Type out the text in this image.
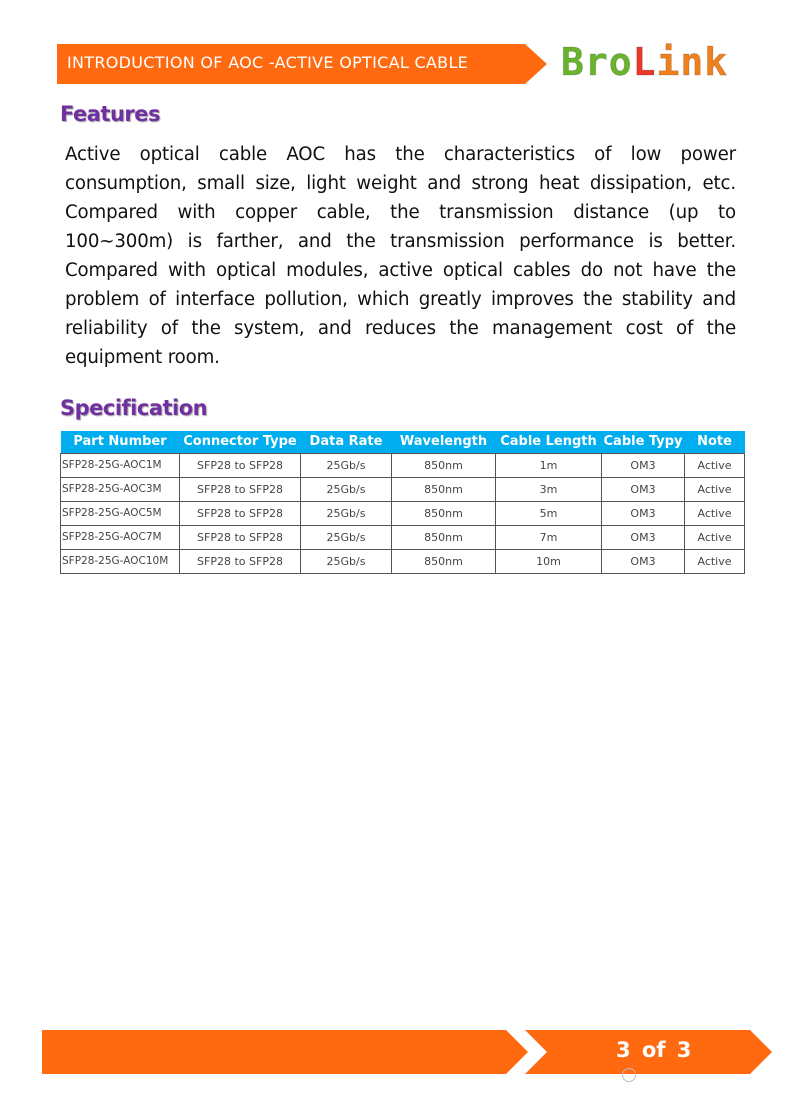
INTRODUCTION OF AOC -ACTIVE OPTICAL CABLE BroLink
Features

Active optical cable AOC has the characteristics of low power consumption, small size, light weight and strong heat dissipation, etc. Compared with copper cable, the transmission distance (up to 100~300m) is farther, and the transmission performance is better. Compared with optical modules, active optical cables do not have the problem of interface pollution, which greatly improves the stability and reliability of the system, and reduces the management cost of the equipment room.

Specification
Part Number	Connector Type	Data Rate	Wavelength	Cable Length	Cable Typy	Note
SFP28-25G-AOC1M	SFP28 to SFP28	25Gb/s	850nm	1m	OM3	Active
SFP28-25G-AOC3M	SFP28 to SFP28	25Gb/s	850nm	3m	OM3	Active
SFP28-25G-AOC5M	SFP28 to SFP28	25Gb/s	850nm	5m	OM3	Active
SFP28-25G-AOC7M	SFP28 to SFP28	25Gb/s	850nm	7m	OM3	Active
SFP28-25G-AOC10M	SFP28 to SFP28	25Gb/s	850nm	10m	OM3	Active
3 of 3
